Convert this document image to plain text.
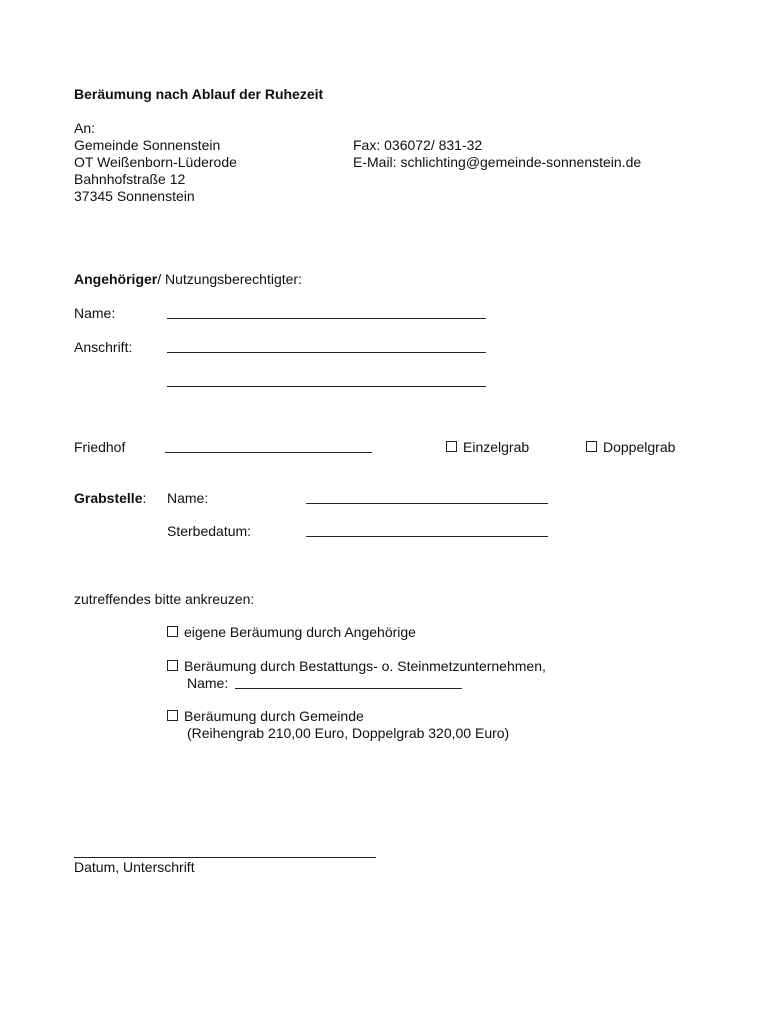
Beräumung nach Ablauf der Ruhezeit
An:
Gemeinde Sonnenstein
OT Weißenborn-Lüderode
Bahnhofstraße 12
37345 Sonnenstein
Fax: 036072/ 831-32
E-Mail: schlichting@gemeinde-sonnenstein.de
Angehöriger/ Nutzungsberechtigter:
Name:
Anschrift:
Friedhof	Einzelgrab	Doppelgrab
Grabstelle: Name:
Sterbedatum:
zutreffendes bitte ankreuzen:
eigene Beräumung durch Angehörige
Beräumung durch Bestattungs- o. Steinmetzunternehmen,
Name:
Beräumung durch Gemeinde
(Reihengrab 210,00 Euro, Doppelgrab 320,00 Euro)
Datum, Unterschrift
